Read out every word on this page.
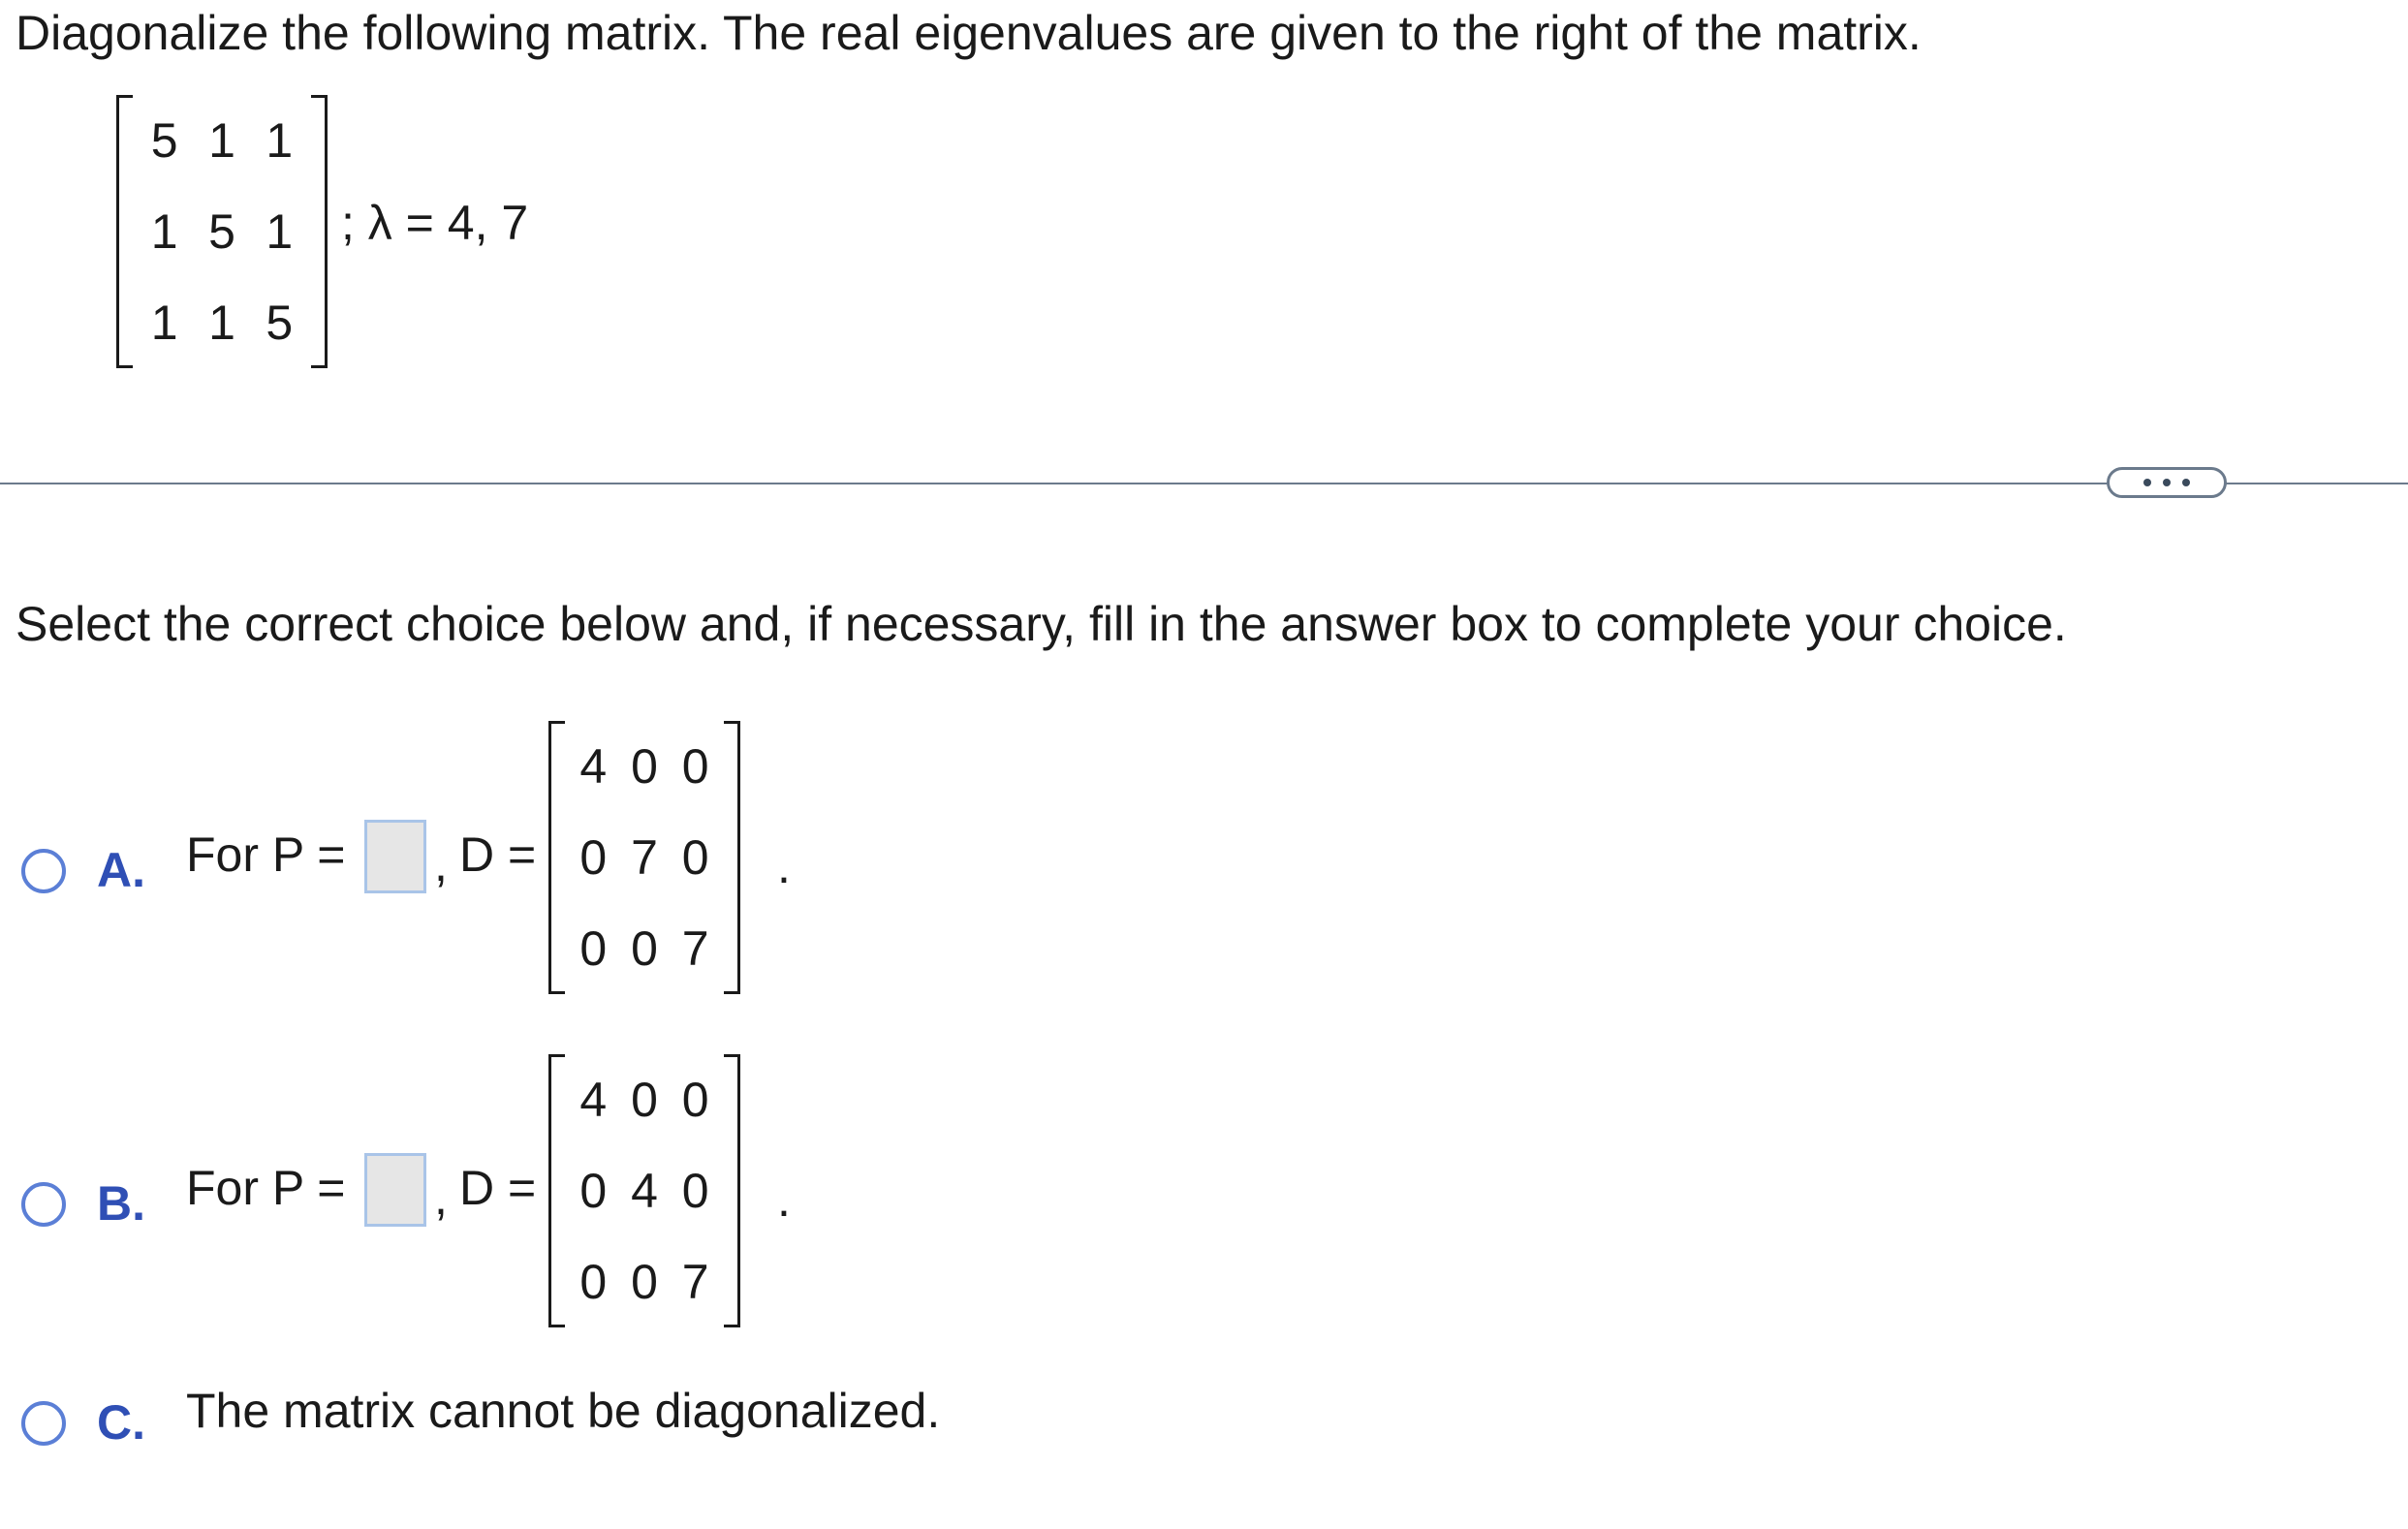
Diagonalize the following matrix. The real eigenvalues are given to the right of the matrix.
5 1 1
1 5 1
1 1 5
; λ = 4, 7
Select the correct choice below and, if necessary, fill in the answer box to complete your choice.
A. For P = , D =
4 0 0
0 7 0
0 0 7
.
B. For P = , D =
4 0 0
0 4 0
0 0 7
.
C. The matrix cannot be diagonalized.
